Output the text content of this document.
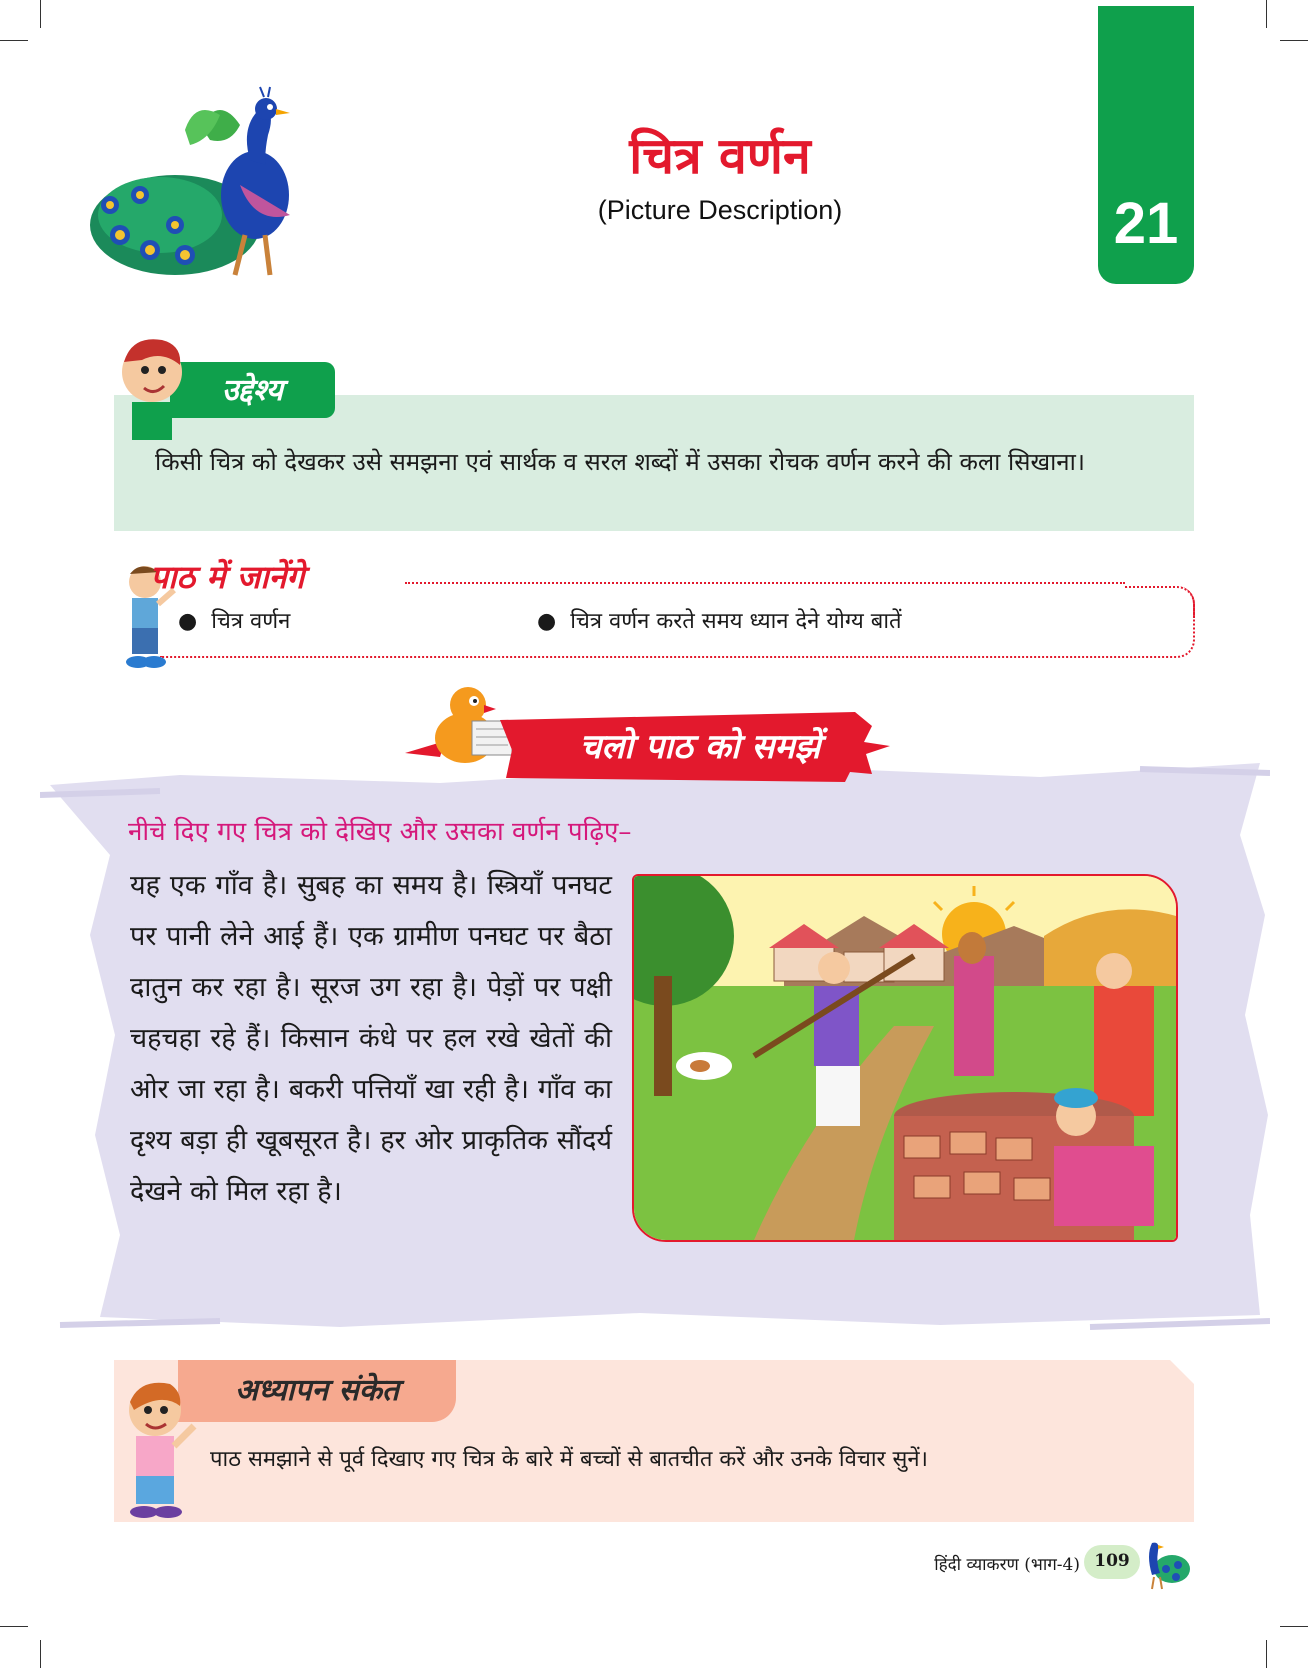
चित्र वर्णन
(Picture Description)	21
उद्देश्य
किसी चित्र को देखकर उसे समझना एवं सार्थक व सरल शब्दों में उसका रोचक वर्णन करने की कला सिखाना।
पाठ में जानेंगे
●  चित्र वर्णन	●  चित्र वर्णन करते समय ध्यान देने योग्य बातें
चलो पाठ को समझें
नीचे दिए गए चित्र को देखिए और उसका वर्णन पढ़िए–
यह एक गाँव है। सुबह का समय है। स्त्रियाँ पनघट पर पानी लेने आई हैं। एक ग्रामीण पनघट पर बैठा दातुन कर रहा है। सूरज उग रहा है। पेड़ों पर पक्षी चहचहा रहे हैं। किसान कंधे पर हल रखे खेतों की ओर जा रहा है। बकरी पत्तियाँ खा रही है। गाँव का दृश्य बड़ा ही खूबसूरत है। हर ओर प्राकृतिक सौंदर्य देखने को मिल रहा है।
अध्यापन संकेत
पाठ समझाने से पूर्व दिखाए गए चित्र के बारे में बच्चों से बातचीत करें और उनके विचार सुनें।
हिंदी व्याकरण (भाग-4) 109
